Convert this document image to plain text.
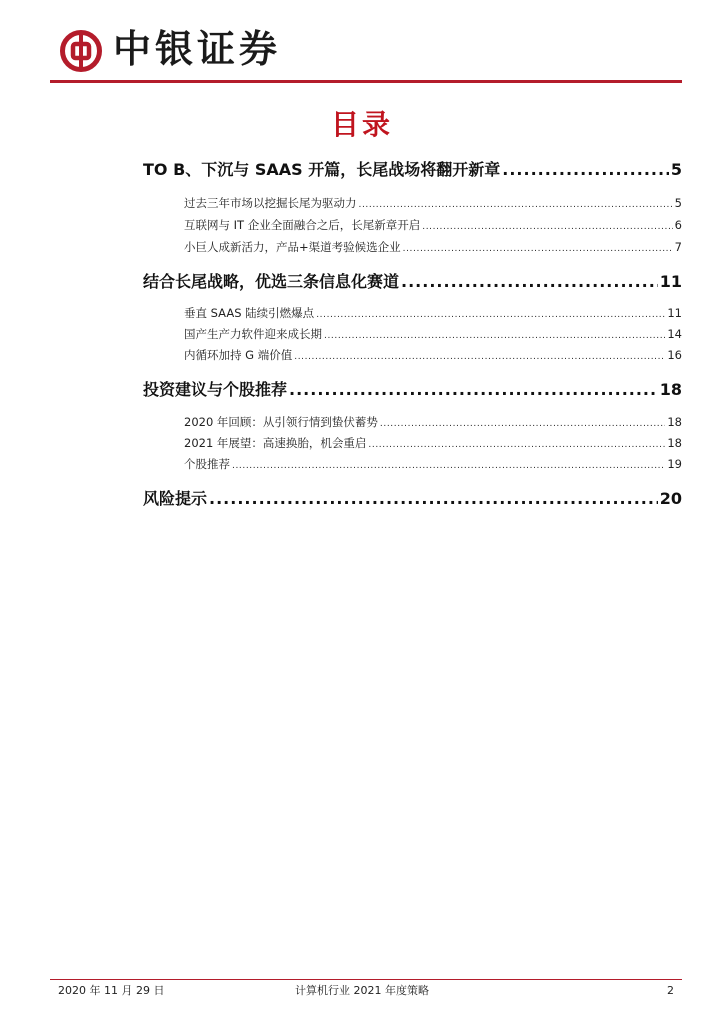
中银证券
目录
TO B、下沉与 SAAS 开篇，长尾战场将翻开新章 .....	5
过去三年市场以挖掘长尾为驱动力 .....	5
互联网与 IT 企业全面融合之后，长尾新章开启 .....	6
小巨人成新活力，产品+渠道考验候选企业 .....	7
结合长尾战略，优选三条信息化赛道 .....	11
垂直 SAAS 陆续引燃爆点 .....	11
国产生产力软件迎来成长期 .....	14
内循环加持 G 端价值 .....	16
投资建议与个股推荐 .....	18
2020 年回顾：从引领行情到蛰伏蓄势 .....	18
2021 年展望：高速换胎，机会重启 .....	18
个股推荐 .....	19
风险提示 .....	20
2020 年 11 月 29 日	计算机行业 2021 年度策略	2
